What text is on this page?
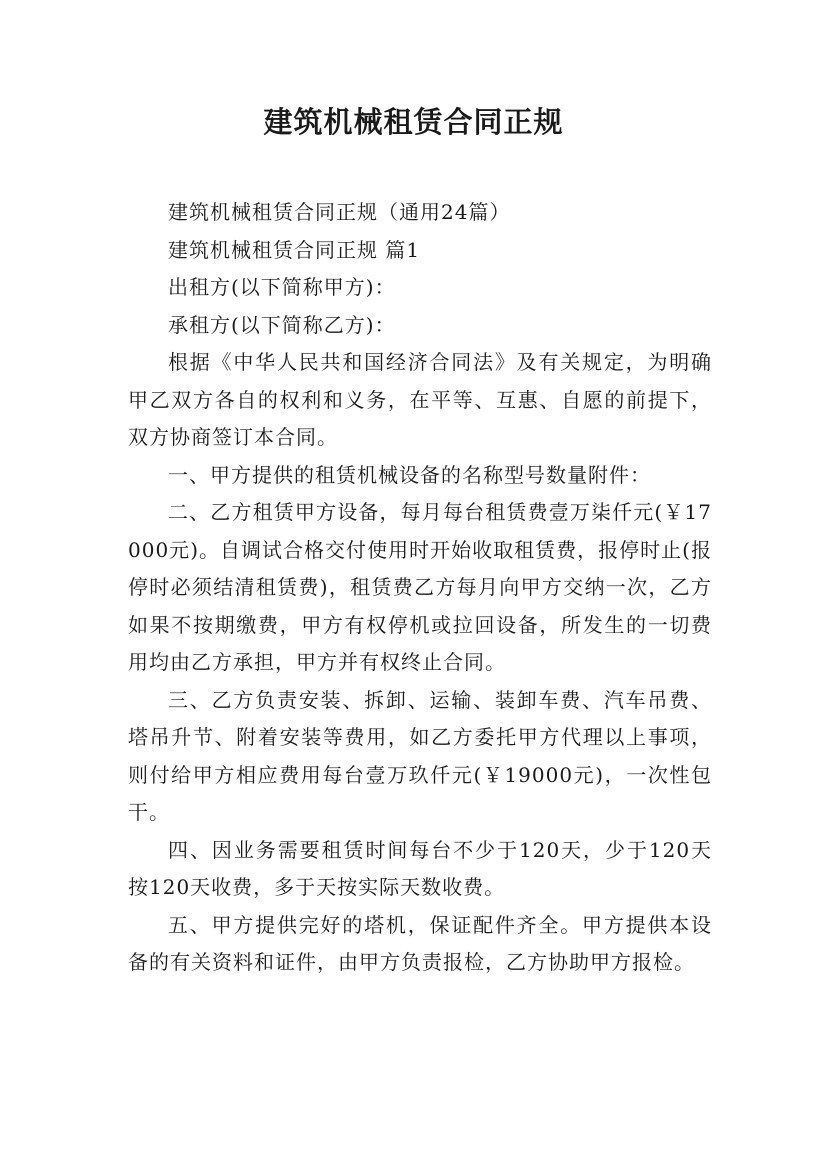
建筑机械租赁合同正规

建筑机械租赁合同正规（通用24篇）

建筑机械租赁合同正规 篇1

出租方(以下简称甲方)：

承租方(以下简称乙方)：

根据《中华人民共和国经济合同法》及有关规定，为明确甲乙双方各自的权利和义务，在平等、互惠、自愿的前提下，双方协商签订本合同。

一、甲方提供的租赁机械设备的名称型号数量附件：

二、乙方租赁甲方设备，每月每台租赁费壹万柒仟元(￥17000元)。自调试合格交付使用时开始收取租赁费，报停时止(报停时必须结清租赁费)，租赁费乙方每月向甲方交纳一次，乙方如果不按期缴费，甲方有权停机或拉回设备，所发生的一切费用均由乙方承担，甲方并有权终止合同。

三、乙方负责安装、拆卸、运输、装卸车费、汽车吊费、塔吊升节、附着安装等费用，如乙方委托甲方代理以上事项，则付给甲方相应费用每台壹万玖仟元(￥19000元)，一次性包干。

四、因业务需要租赁时间每台不少于120天，少于120天按120天收费，多于天按实际天数收费。

五、甲方提供完好的塔机，保证配件齐全。甲方提供本设备的有关资料和证件，由甲方负责报检，乙方协助甲方报检。
